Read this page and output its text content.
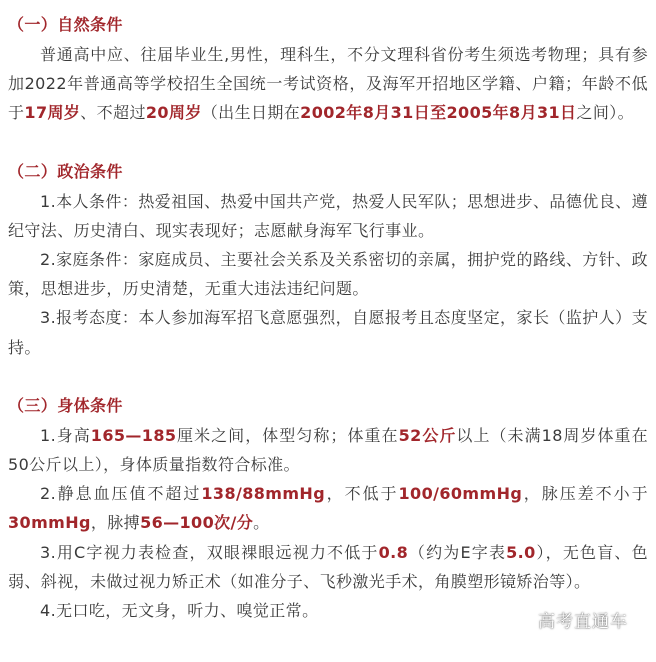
（一）自然条件

普通高中应、往届毕业生,男性，理科生，不分文理科省份考生须选考物理；具有参加2022年普通高等学校招生全国统一考试资格，及海军开招地区学籍、户籍；年龄不低于17周岁、不超过20周岁（出生日期在2002年8月31日至2005年8月31日之间）。

（二）政治条件

1.本人条件：热爱祖国、热爱中国共产党，热爱人民军队；思想进步、品德优良、遵纪守法、历史清白、现实表现好；志愿献身海军飞行事业。

2.家庭条件：家庭成员、主要社会关系及关系密切的亲属，拥护党的路线、方针、政策，思想进步，历史清楚，无重大违法违纪问题。

3.报考态度：本人参加海军招飞意愿强烈，自愿报考且态度坚定，家长（监护人）支持。

（三）身体条件

1.身高165—185厘米之间，体型匀称；体重在52公斤以上（未满18周岁体重在50公斤以上），身体质量指数符合标准。

2.静息血压值不超过138/88mmHg，不低于100/60mmHg，脉压差不小于30mmHg，脉搏56—100次/分。

3.用C字视力表检查，双眼裸眼远视力不低于0.8（约为E字表5.0），无色盲、色弱、斜视，未做过视力矫正术（如准分子、飞秒激光手术，角膜塑形镜矫治等）。

4.无口吃，无文身，听力、嗅觉正常。

高考直通车
